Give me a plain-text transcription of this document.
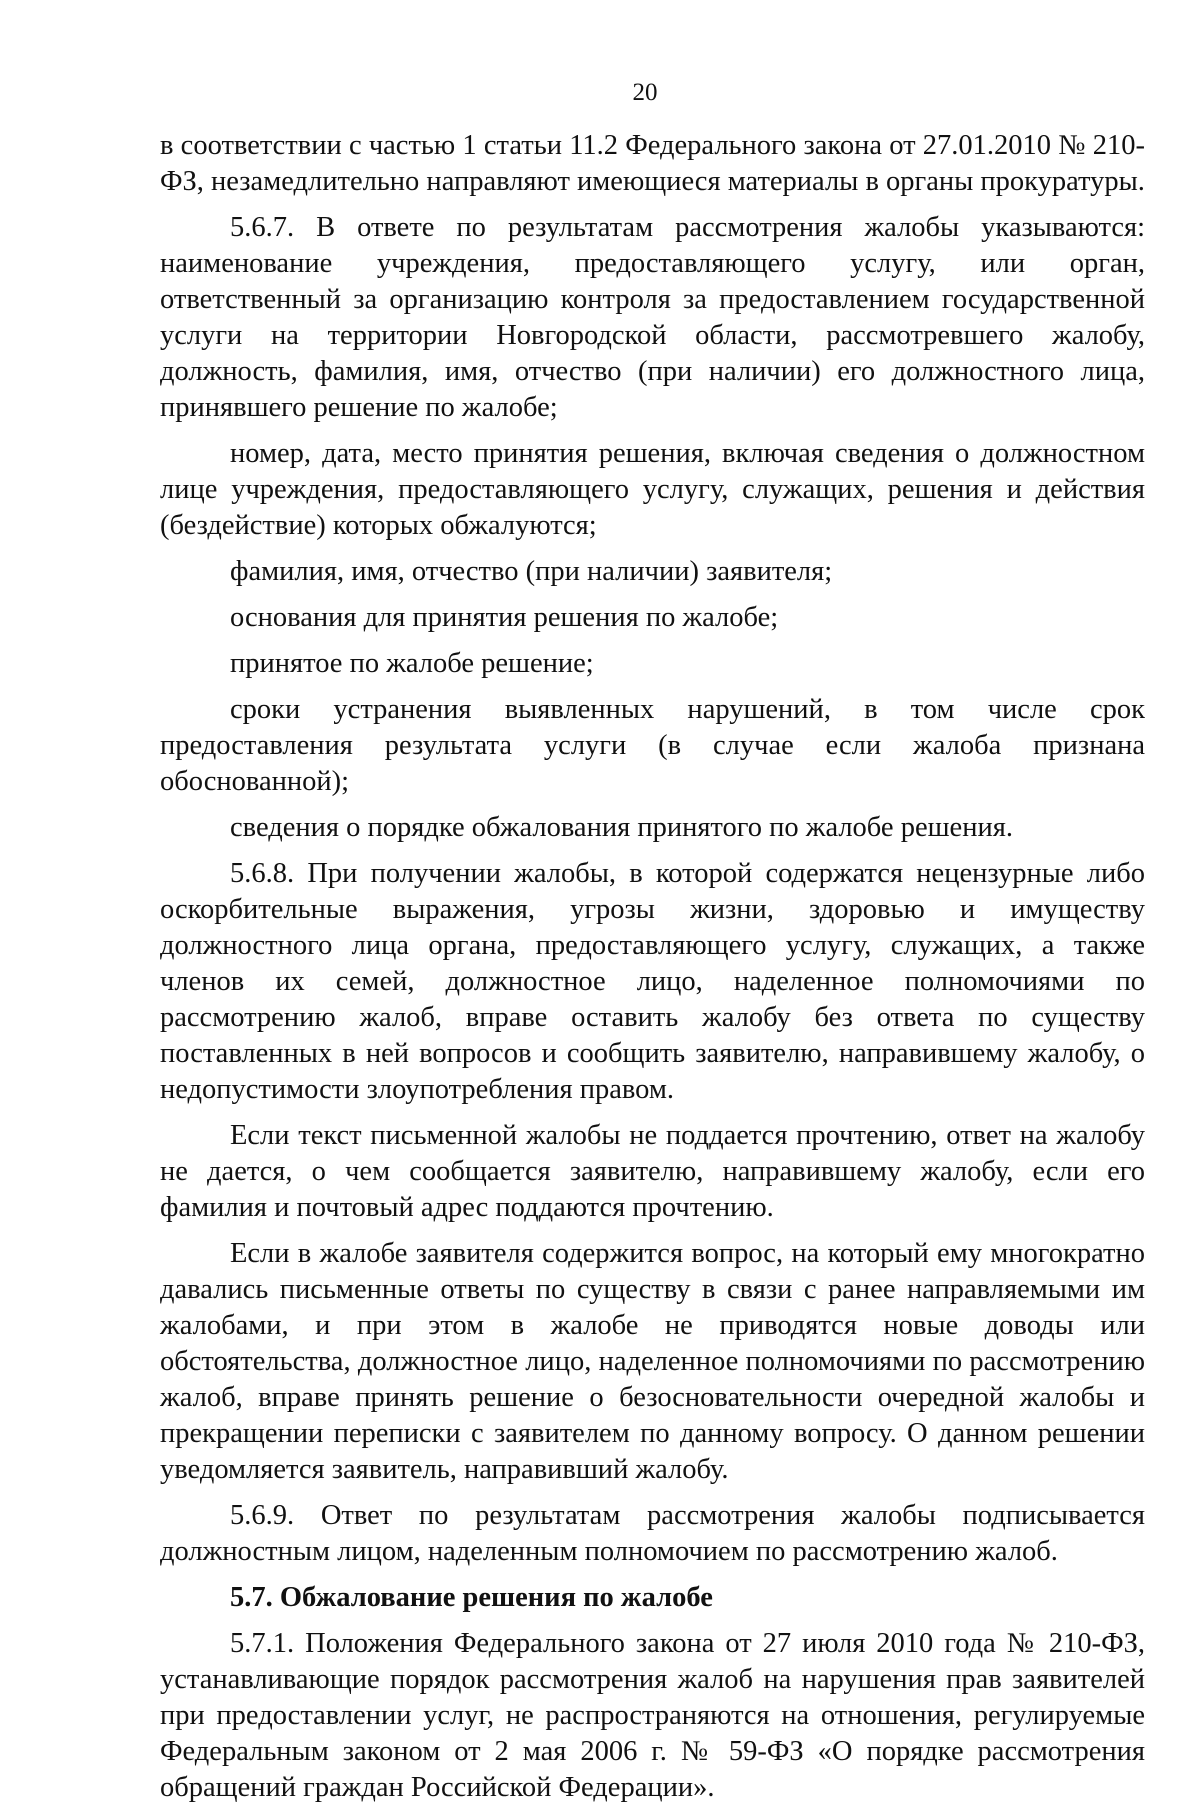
20

в соответствии с частью 1 статьи 11.2 Федерального закона от 27.01.2010 № 210-ФЗ, незамедлительно направляют имеющиеся материалы в органы прокуратуры.

5.6.7. В ответе по результатам рассмотрения жалобы указываются: наименование учреждения, предоставляющего услугу, или орган, ответственный за организацию контроля за предоставлением государственной услуги на территории Новгородской области, рассмотревшего жалобу, должность, фамилия, имя, отчество (при наличии) его должностного лица, принявшего решение по жалобе;

номер, дата, место принятия решения, включая сведения о должностном лице учреждения, предоставляющего услугу, служащих, решения и действия (бездействие) которых обжалуются;

фамилия, имя, отчество (при наличии) заявителя;

основания для принятия решения по жалобе;

принятое по жалобе решение;

сроки устранения выявленных нарушений, в том числе срок предоставления результата услуги (в случае если жалоба признана обоснованной);

сведения о порядке обжалования принятого по жалобе решения.

5.6.8. При получении жалобы, в которой содержатся нецензурные либо оскорбительные выражения, угрозы жизни, здоровью и имуществу должностного лица органа, предоставляющего услугу, служащих, а также членов их семей, должностное лицо, наделенное полномочиями по рассмотрению жалоб, вправе оставить жалобу без ответа по существу поставленных в ней вопросов и сообщить заявителю, направившему жалобу, о недопустимости злоупотребления правом.

Если текст письменной жалобы не поддается прочтению, ответ на жалобу не дается, о чем сообщается заявителю, направившему жалобу, если его фамилия и почтовый адрес поддаются прочтению.

Если в жалобе заявителя содержится вопрос, на который ему многократно давались письменные ответы по существу в связи с ранее направляемыми им жалобами, и при этом в жалобе не приводятся новые доводы или обстоятельства, должностное лицо, наделенное полномочиями по рассмотрению жалоб, вправе принять решение о безосновательности очередной жалобы и прекращении переписки с заявителем по данному вопросу. О данном решении уведомляется заявитель, направивший жалобу.

5.6.9. Ответ по результатам рассмотрения жалобы подписывается должностным лицом, наделенным полномочием по рассмотрению жалоб.

5.7. Обжалование решения по жалобе

5.7.1. Положения Федерального закона от 27 июля 2010 года № 210-ФЗ, устанавливающие порядок рассмотрения жалоб на нарушения прав заявителей при предоставлении услуг, не распространяются на отношения, регулируемые Федеральным законом от 2 мая 2006 г. № 59-ФЗ «О порядке рассмотрения обращений граждан Российской Федерации».
